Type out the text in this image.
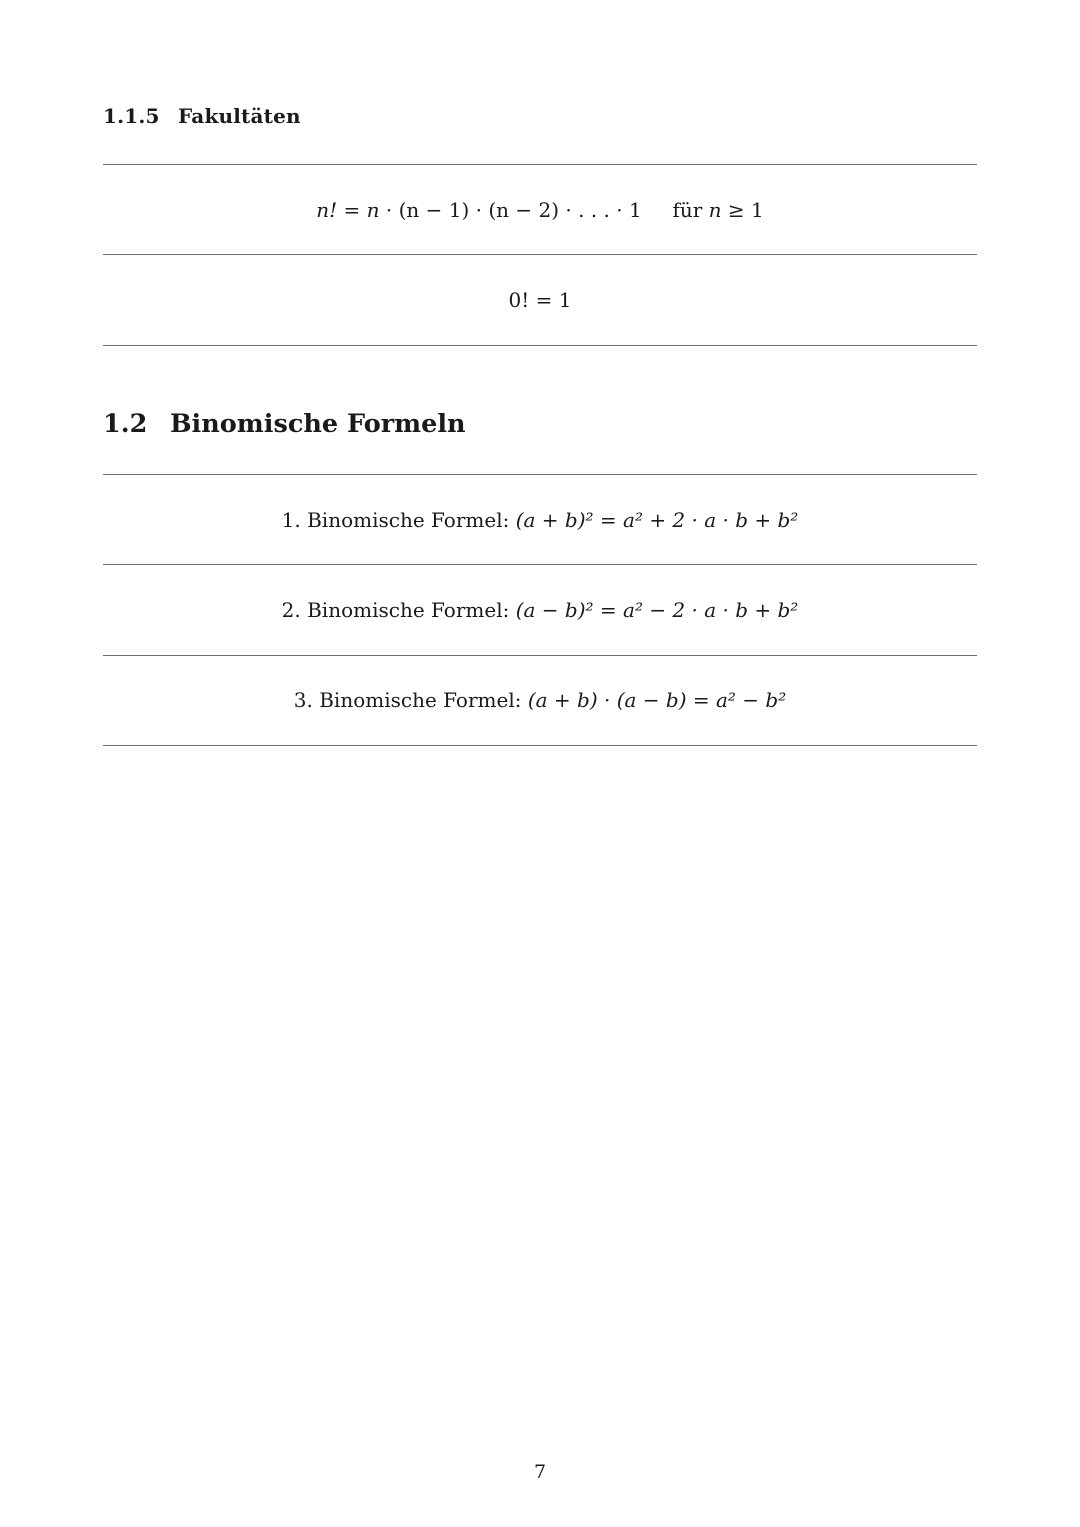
1.1.5 Fakultäten
n! = n · (n − 1) · (n − 2) · . . . · 1 für n ≥ 1
0! = 1
1.2 Binomische Formeln
1. Binomische Formel: (a + b)² = a² + 2 · a · b + b²
2. Binomische Formel: (a − b)² = a² − 2 · a · b + b²
3. Binomische Formel: (a + b) · (a − b) = a² − b²
7
